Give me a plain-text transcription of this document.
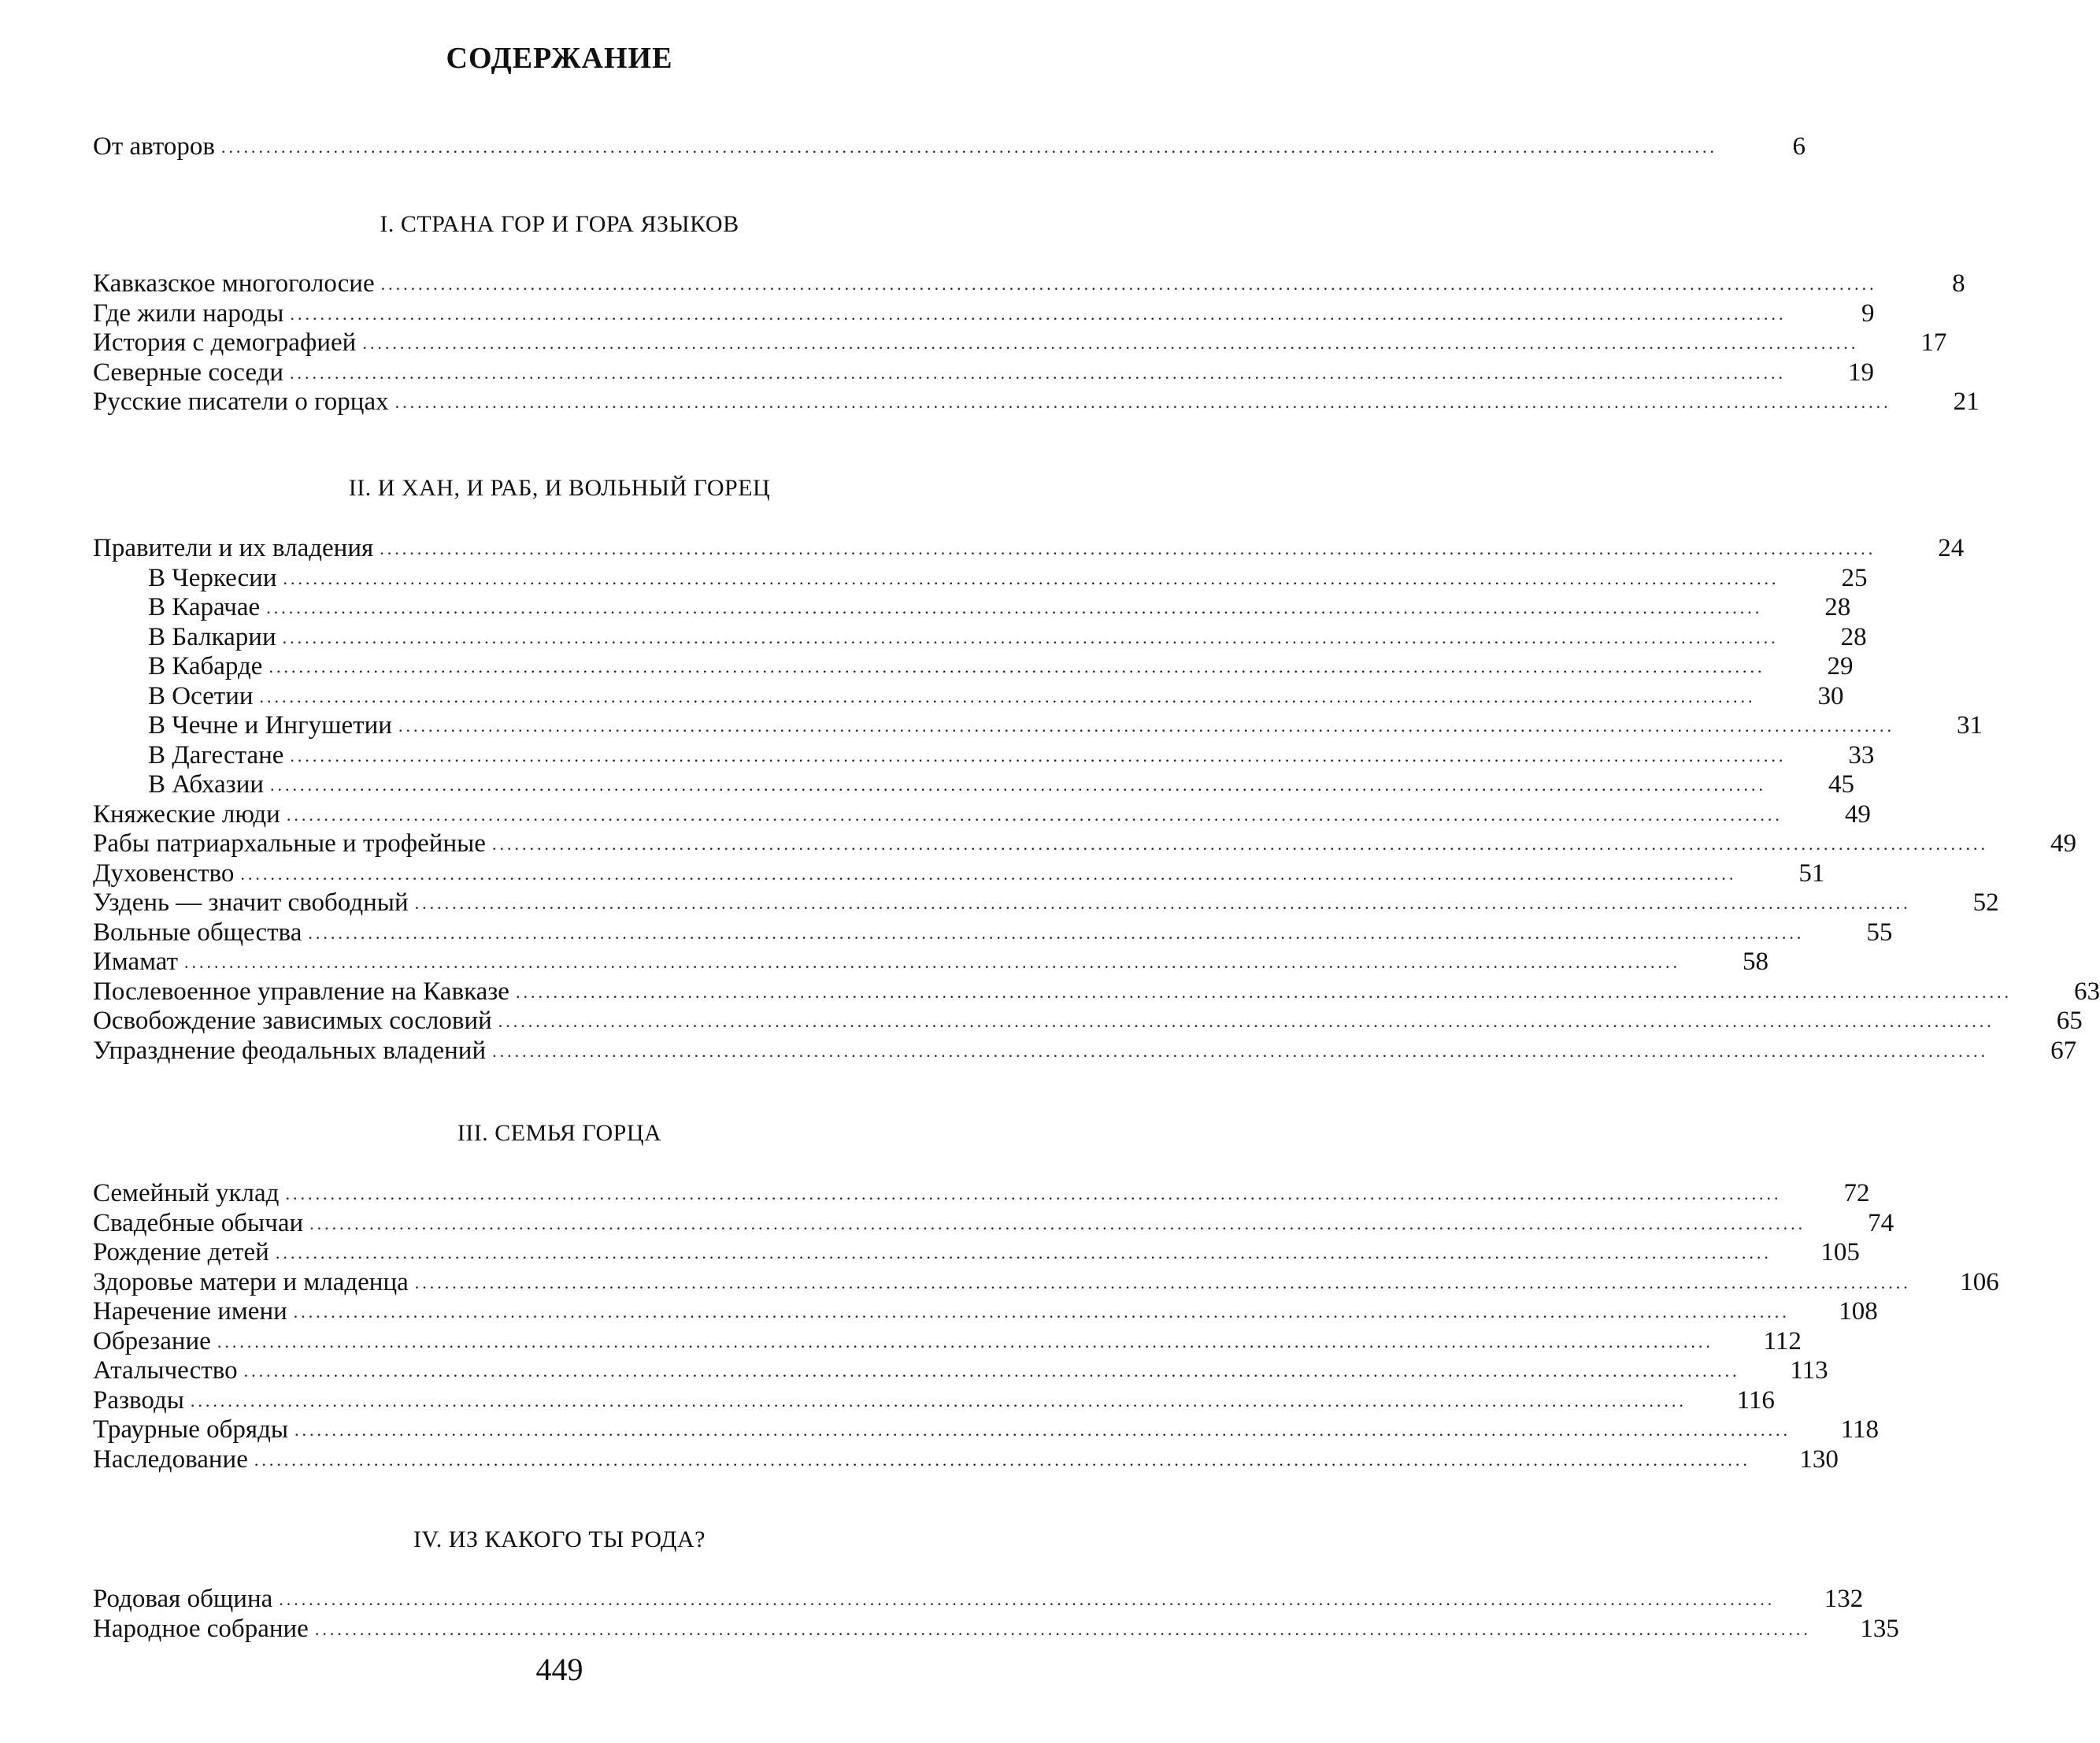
СОДЕРЖАНИЕ
От авторов ........................................................................................................................................................................................................	6
I. СТРАНА ГОР И ГОРА ЯЗЫКОВ
Кавказское многоголосие ........................................................................................................................................................................................................	8
Где жили народы ........................................................................................................................................................................................................	9
История с демографией ........................................................................................................................................................................................................	17
Северные соседи ........................................................................................................................................................................................................	19
Русские писатели о горцах ........................................................................................................................................................................................................	21
II. И ХАН, И РАБ, И ВОЛЬНЫЙ ГОРЕЦ
Правители и их владения ........................................................................................................................................................................................................	24
В Черкесии ........................................................................................................................................................................................................	25
В Карачае ........................................................................................................................................................................................................	28
В Балкарии ........................................................................................................................................................................................................	28
В Кабарде ........................................................................................................................................................................................................	29
В Осетии ........................................................................................................................................................................................................	30
В Чечне и Ингушетии ........................................................................................................................................................................................................	31
В Дагестане ........................................................................................................................................................................................................	33
В Абхазии ........................................................................................................................................................................................................	45
Княжеские люди ........................................................................................................................................................................................................	49
Рабы патриархальные и трофейные ........................................................................................................................................................................................................	49
Духовенство ........................................................................................................................................................................................................	51
Уздень — значит свободный ........................................................................................................................................................................................................	52
Вольные общества ........................................................................................................................................................................................................	55
Имамат ........................................................................................................................................................................................................	58
Послевоенное управление на Кавказе ........................................................................................................................................................................................................	63
Освобождение зависимых сословий ........................................................................................................................................................................................................	65
Упразднение феодальных владений ........................................................................................................................................................................................................	67
III. СЕМЬЯ ГОРЦА
Семейный уклад ........................................................................................................................................................................................................	72
Свадебные обычаи ........................................................................................................................................................................................................	74
Рождение детей ........................................................................................................................................................................................................	105
Здоровье матери и младенца ........................................................................................................................................................................................................	106
Наречение имени ........................................................................................................................................................................................................	108
Обрезание ........................................................................................................................................................................................................	112
Аталычество ........................................................................................................................................................................................................	113
Разводы ........................................................................................................................................................................................................	116
Траурные обряды ........................................................................................................................................................................................................	118
Наследование ........................................................................................................................................................................................................	130
IV. ИЗ КАКОГО ТЫ РОДА?
Родовая община ........................................................................................................................................................................................................	132
Народное собрание ........................................................................................................................................................................................................	135
449
